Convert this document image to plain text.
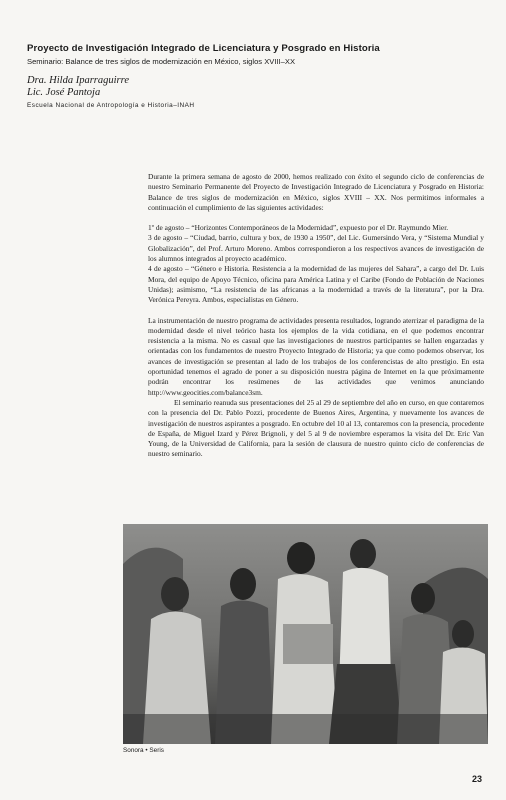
Proyecto de Investigación Integrado de Licenciatura y Posgrado en Historia
Seminario: Balance de tres siglos de modernización en México, siglos XVIII–XX
Dra. Hilda Iparraguirre
Lic. José Pantoja
Escuela Nacional de Antropología e Historia–INAH

Durante la primera semana de agosto de 2000, hemos realizado con éxito el segundo ciclo de conferencias de nuestro Seminario Permanente del Proyecto de Investigación Integrado de Licenciatura y Posgrado en Historia: Balance de tres siglos de modernización en México, siglos XVIII – XX. Nos permitimos informales a continuación el cumplimiento de las siguientes actividades:

1º de agosto – “Horizontes Contemporáneos de la Modernidad”, expuesto por el Dr. Raymundo Mier.

3 de agosto – “Ciudad, barrio, cultura y box, de 1930 a 1950”, del Lic. Gumersindo Vera, y “Sistema Mundial y Globalización”, del Prof. Arturo Moreno. Ambos correspondieron a los respectivos avances de investigación de los alumnos integrados al proyecto académico.

4 de agosto – “Género e Historia. Resistencia a la modernidad de las mujeres del Sahara”, a cargo del Dr. Luis Mora, del equipo de Apoyo Técnico, oficina para América Latina y el Caribe (Fondo de Población de Naciones Unidas); asimismo, “La resistencia de las africanas a la modernidad a través de la literatura”, por la Dra. Verónica Pereyra. Ambos, especialistas en Género.

La instrumentación de nuestro programa de actividades presenta resultados, logrando aterrizar el paradigma de la modernidad desde el nivel teórico hasta los ejemplos de la vida cotidiana, en el que podemos encontrar resistencia a la misma. No es casual que las investigaciones de nuestros participantes se hallen engarzadas y orientadas con los fundamentos de nuestro Proyecto Integrado de Historia; ya que como podemos observar, los avances de investigación se presentan al lado de los trabajos de los conferencistas de alto prestigio. En esta oportunidad tenemos el agrado de poner a su disposición nuestra página de Internet en la que próximamente podrán encontrar los resúmenes de las actividades que venimos anunciando http://www.geocities.com/balance3sm.

El seminario reanuda sus presentaciones del 25 al 29 de septiembre del año en curso, en que contaremos con la presencia del Dr. Pablo Pozzi, procedente de Buenos Aires, Argentina, y nuevamente los avances de investigación de nuestros aspirantes a posgrado. En octubre del 10 al 13, contaremos con la presencia, procedente de España, de Miguel Izard y Pérez Brignoli, y del 5 al 9 de noviembre esperamos la visita del Dr. Eric Van Young, de la Universidad de California, para la sesión de clausura de nuestro quinto ciclo de conferencias de nuestro seminario.

Sonora • Seris
23
